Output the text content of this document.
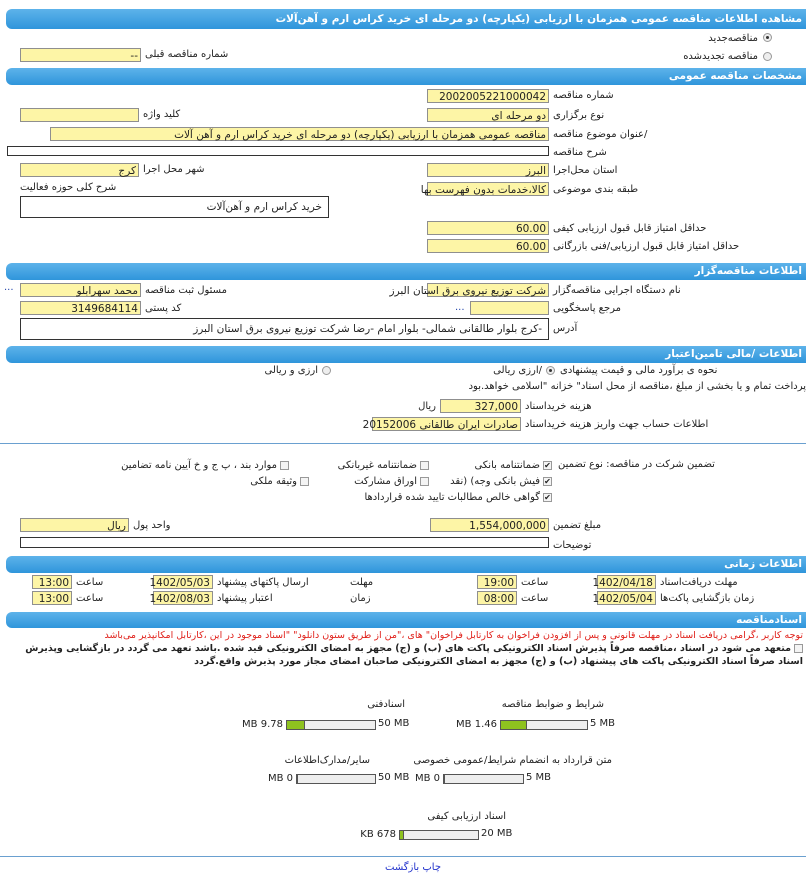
مشاهده اطلاعات مناقصه عمومی همزمان با ارزیابی (یکپارچه) دو مرحله ای خرید کراس ارم و آهن‌آلات
مناقصه‌جدید
مناقصه تجدیدشده
-- شماره مناقصه قبلی
مشخصات مناقصه عمومی
2002005221000042 شماره مناقصه
دو مرحله ای نوع برگزاری
کلید واژه
مناقصه عمومی همزمان با ارزیابی (یکپارچه) دو مرحله ای خرید کراس ارم و آهن آلات /عنوان موضوع مناقصه
شرح مناقصه
البرز استان محل‌اجرا
کرج شهر محل اجرا
کالا،خدمات بدون فهرست بها طبقه بندی موضوعی
شرح کلی حوزه فعالیت
خرید کراس ارم و آهن‌آلات
60.00 حداقل امتیاز قابل قبول ارزیابی کیفی
60.00 حداقل امتیاز قابل قبول ارزیابی/فنی بازرگانی
اطلاعات مناقصه‌گزار
شرکت توزیع نیروی برق استان البرز نام دستگاه اجرایی مناقصه‌گزار
محمد سهرابلو مسئول ثبت مناقصه
...
مرجع پاسخگویی
...
3149684114 کد پستی
-کرج بلوار طالقانی شمالی- بلوار امام -رضا شرکت توزیع نیروی برق استان البرز	آدرس
اطلاعات /مالی تامین‌اعتبار
نحوه ی برآورد مالی و قیمت پیشنهادی
/ارزی ریالی
ارزی و ریالی
پرداخت تمام و یا بخشی از مبلغ ،مناقصه از محل اسناد" خزانه "اسلامی خواهد.بود
327,000
ریال	هزینه خریداسناد
صادرات ایران طالقانی 20152006 اطلاعات حساب جهت واریز هزینه خریداسناد
تضمین شرکت در مناقصه: نوع تضمین
✔
ضمانتنامه بانکی
ضمانتنامه غیربانکی
موارد بند ، پ ج و خ آیین نامه تضامین
✔
فیش بانکی وجه) (نقد
اوراق مشارکت
وثیقه ملکی
✔
گواهی خالص مطالبات تایید شده قراردادها
1,554,000,000 مبلغ تضمین
ریال واحد پول
توضیحات
اطلاعات زمانی
1402/04/18 مهلت دریافت‌اسناد
19:00 ساعت
1402/05/03 ارسال پاکتهای پیشنهاد	مهلت
13:00 ساعت
1402/05/04 زمان بازگشایی پاکت‌ها
08:00 ساعت
1402/08/03 اعتبار پیشنهاد	زمان
13:00 ساعت
اسنادمناقصه
توجه کاربر ،گرامی دریافت اسناد در مهلت قانونی و پس از افزودن فراخوان به کارتابل فراخوان" های ،"من از طریق ستون دانلود" "اسناد موجود در این ،کارتابل امکانپذیر می‌باشد
متعهد می شود در اسناد ،مناقصه صرفاً پذیرش اسناد الکترونیکی پاکت های (ب) و (ج) مجهز به امضای الکترونیکی قید شده .باشد تعهد می گردد در بازگشایی وپذیرش
اسناد صرفاً اسناد الکترونیکی پاکت های پیشنهاد (ب) و (ج) مجهز به امضای الکترونیکی صاحبان امضای مجاز مورد پذیرش واقع.گردد
شرایط و ضوابط مناقصه
5 MB
1.46 MB
اسنادفنی
50 MB
9.78 MB
متن قرارداد به انضمام شرایط/عمومی خصوصی
5 MB
0 MB
سایر/مدارک‌اطلاعات
50 MB
0 MB
اسناد ارزیابی کیفی
20 MB
678 KB
چاپ بازگشت
